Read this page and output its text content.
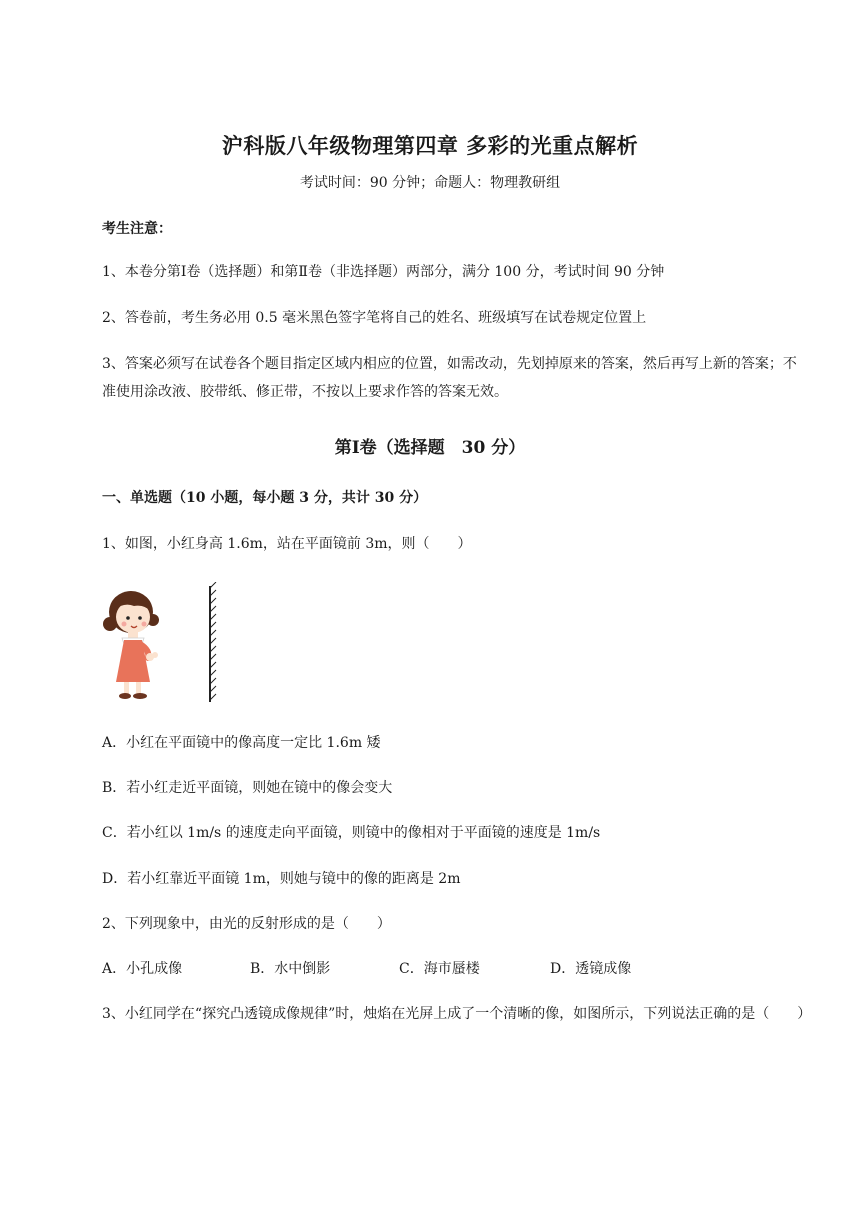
沪科版八年级物理第四章 多彩的光重点解析
考试时间：90 分钟；命题人：物理教研组
考生注意：
1、本卷分第Ⅰ卷（选择题）和第Ⅱ卷（非选择题）两部分，满分 100 分，考试时间 90 分钟
2、答卷前，考生务必用 0.5 毫米黑色签字笔将自己的姓名、班级填写在试卷规定位置上
3、答案必须写在试卷各个题目指定区域内相应的位置，如需改动，先划掉原来的答案，然后再写上新的答案；不准使用涂改液、胶带纸、修正带，不按以上要求作答的答案无效。
第Ⅰ卷（选择题　30 分）
一、单选题（10 小题，每小题 3 分，共计 30 分）
1、如图，小红身高 1.6m，站在平面镜前 3m，则（　　）
A．小红在平面镜中的像高度一定比 1.6m 矮
B．若小红走近平面镜，则她在镜中的像会变大
C．若小红以 1m/s 的速度走向平面镜，则镜中的像相对于平面镜的速度是 1m/s
D．若小红靠近平面镜 1m，则她与镜中的像的距离是 2m
2、下列现象中，由光的反射形成的是（　　）
A．小孔成像	B．水中倒影	C．海市蜃楼	D．透镜成像
3、小红同学在“探究凸透镜成像规律”时，烛焰在光屏上成了一个清晰的像，如图所示，下列说法正确的是（　　）
